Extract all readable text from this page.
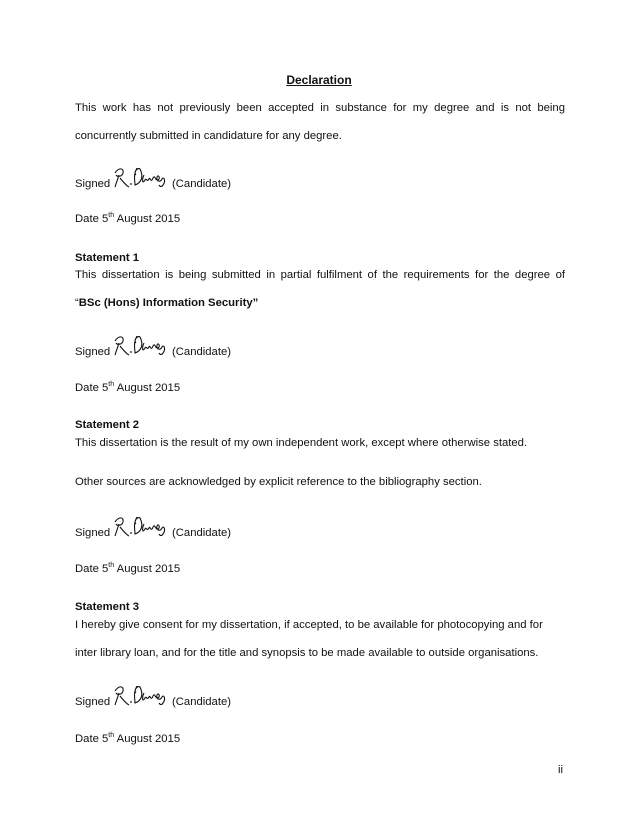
Declaration
This work has not previously been accepted in substance for my degree and is not being
concurrently submitted in candidature for any degree.
Signed	(Candidate)
Date 5th August 2015
Statement 1
This dissertation is being submitted in partial fulfilment of the requirements for the degree of
“BSc (Hons) Information Security”
Signed	(Candidate)
Date 5th August 2015
Statement 2
This dissertation is the result of my own independent work, except where otherwise stated.
Other sources are acknowledged by explicit reference to the bibliography section.
Signed	(Candidate)
Date 5th August 2015
Statement 3
I hereby give consent for my dissertation, if accepted, to be available for photocopying and for
inter library loan, and for the title and synopsis to be made available to outside organisations.
Signed	(Candidate)
Date 5th August 2015
ii
